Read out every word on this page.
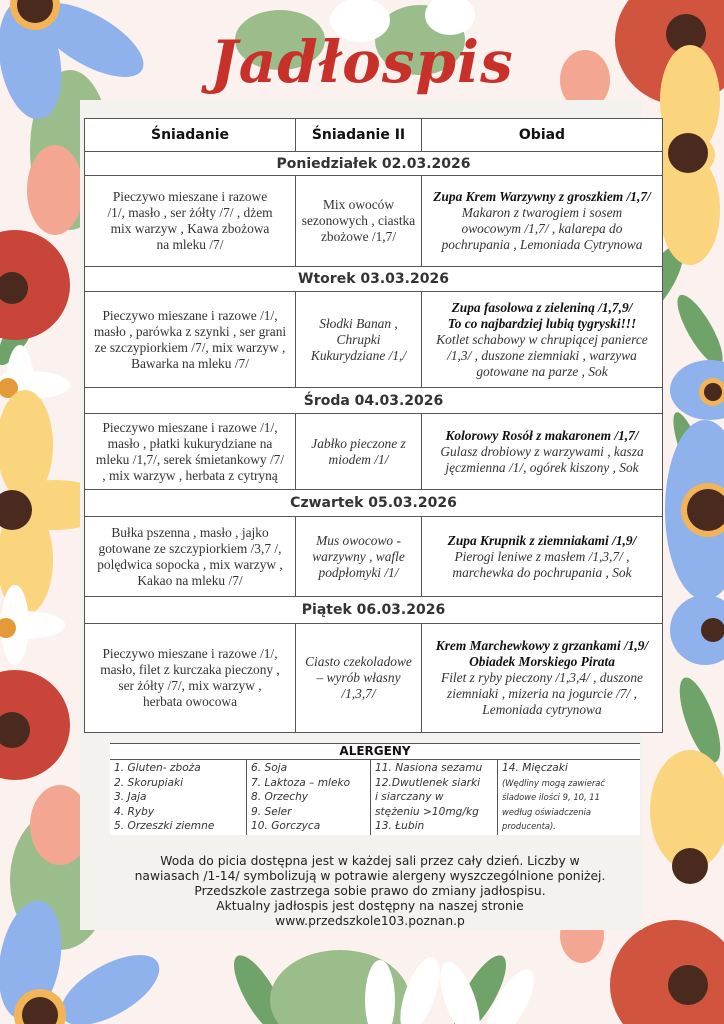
Jadłospis
Śniadanie	Śniadanie II	Obiad
Poniedziałek 02.03.2026		

Pieczywo mieszane i razowe
/1/, masło , ser żółty /7/ , dżem
mix warzyw , Kawa zbożowa
na mleku /7/	Mix owoców
sezonowych , ciastka
zbożowe /1,7/	Zupa Krem Warzywny z groszkiem /1,7/
Makaron z twarogiem i sosem
owocowym /1,7/ , kalarepa do
pochrupania , Lemoniada Cytrynowa

Wtorek 03.03.2026		

Pieczywo mieszane i razowe /1/,
masło , parówka z szynki , ser grani
ze szczypiorkiem /7/, mix warzyw ,
Bawarka na mleku /7/	Słodki Banan ,
Chrupki
Kukurydziane /1,/	Zupa fasolowa z zieleniną /1,7,9/
To co najbardziej lubią tygryski!!!
Kotlet schabowy w chrupiącej panierce
/1,3/ , duszone ziemniaki , warzywa
gotowane na parze , Sok

Środa 04.03.2026		

Pieczywo mieszane i razowe /1/,
masło , płatki kukurydziane na
mleku /1,7/, serek śmietankowy /7/
, mix warzyw , herbata z cytryną	Jabłko pieczone z
miodem /1/	Kolorowy Rosół z makaronem /1,7/
Gulasz drobiowy z warzywami , kasza
jęczmienna /1/, ogórek kiszony , Sok

Czwartek 05.03.2026		

Bułka pszenna , masło , jajko
gotowane ze szczypiorkiem /3,7 /,
polędwica sopocka , mix warzyw ,
Kakao na mleku /7/	Mus owocowo -
warzywny , wafle
podpłomyki /1/	Zupa Krupnik z ziemniakami /1,9/
Pierogi leniwe z masłem /1,3,7/ ,
marchewka do pochrupania , Sok

Piątek 06.03.2026		

Pieczywo mieszane i razowe /1/,
masło, filet z kurczaka pieczony ,
ser żółty /7/, mix warzyw ,
herbata owocowa	Ciasto czekoladowe
– wyrób własny
/1,3,7/	Krem Marchewkowy z grzankami /1,9/
Obiadek Morskiego Pirata
Filet z ryby pieczony /1,3,4/ , duszone
ziemniaki , mizeria na jogurcie /7/ ,
Lemoniada cytrynowa
ALERGENY
1. Gluten- zboża
2. Skorupiaki
3. Jaja
4. Ryby
5. Orzeszki ziemne
6. Soja
7. Laktoza – mleko
8. Orzechy
9. Seler
10. Gorczyca
11. Nasiona sezamu
12.Dwutlenek siarki
i siarczany w
stężeniu >10mg/kg
13. Łubin
14. Mięczaki
(Wędliny mogą zawierać
śladowe ilości 9, 10, 11
według oświadczenia
producenta).
Woda do picia dostępna jest w każdej sali przez cały dzień. Liczby w
nawiasach /1-14/ symbolizują w potrawie alergeny wyszczególnione poniżej.
Przedszkole zastrzega sobie prawo do zmiany jadłospisu.
Aktualny jadłospis jest dostępny na naszej stronie
www.przedszkole103.poznan.p
